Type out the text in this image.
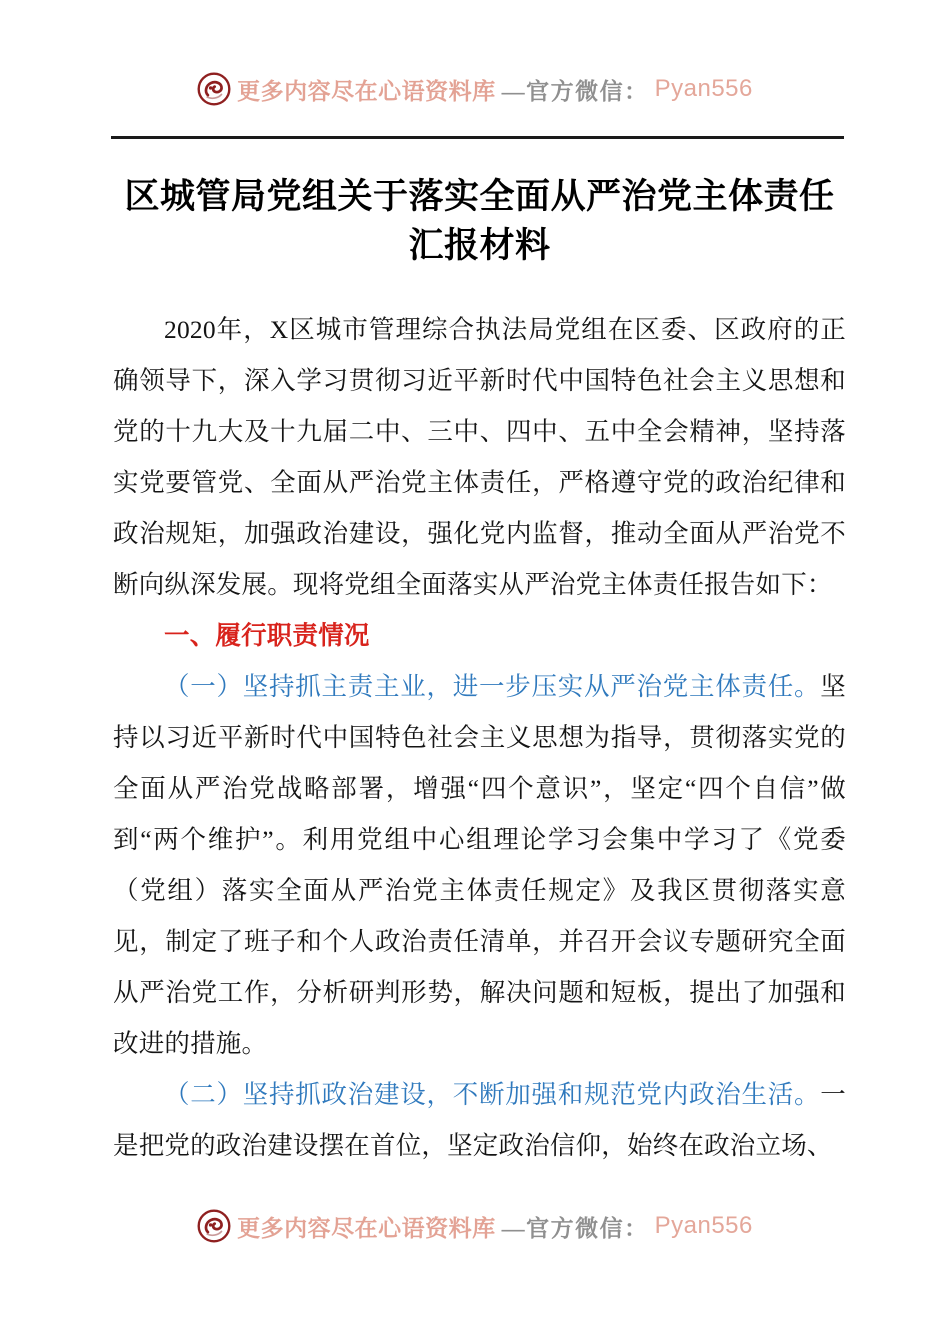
更多内容尽在心语资料库 —官方微信： Pyan556
区城管局党组关于落实全面从严治党主体责任
汇报材料

2020年，X区城市管理综合执法局党组在区委、区政府的正确领导下，深入学习贯彻习近平新时代中国特色社会主义思想和党的十九大及十九届二中、三中、四中、五中全会精神，坚持落实党要管党、全面从严治党主体责任，严格遵守党的政治纪律和政治规矩，加强政治建设，强化党内监督，推动全面从严治党不断向纵深发展。现将党组全面落实从严治党主体责任报告如下：

一、履行职责情况

（一）坚持抓主责主业，进一步压实从严治党主体责任。坚持以习近平新时代中国特色社会主义思想为指导，贯彻落实党的全面从严治党战略部署，增强“四个意识”，坚定“四个自信”做到“两个维护”。利用党组中心组理论学习会集中学习了《党委（党组）落实全面从严治党主体责任规定》及我区贯彻落实意见，制定了班子和个人政治责任清单，并召开会议专题研究全面从严治党工作，分析研判形势，解决问题和短板，提出了加强和改进的措施。

（二）坚持抓政治建设，不断加强和规范党内政治生活。一是把党的政治建设摆在首位，坚定政治信仰，始终在政治立场、

更多内容尽在心语资料库 —官方微信： Pyan556
